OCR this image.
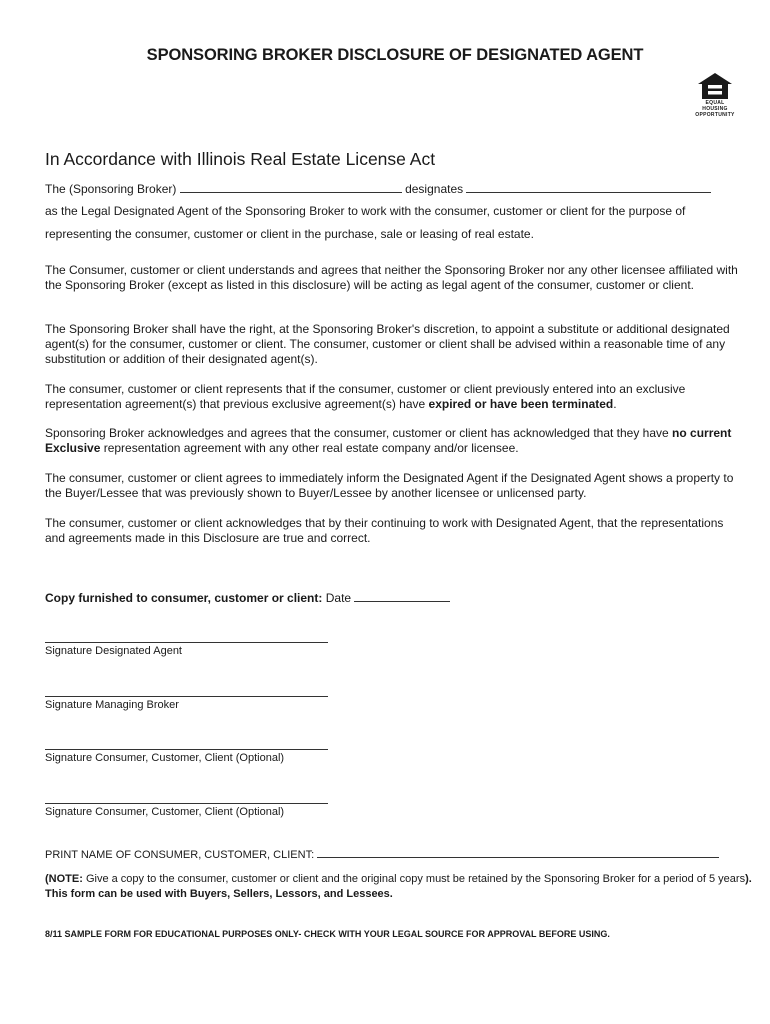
SPONSORING BROKER DISCLOSURE OF DESIGNATED AGENT
EQUAL HOUSING
OPPORTUNITY
In Accordance with Illinois Real Estate License Act
The (Sponsoring Broker)	designates
as the Legal Designated Agent of the Sponsoring Broker to work with the consumer, customer or client for the purpose of
representing the consumer, customer or client in the purchase, sale or leasing of real estate.
The Consumer, customer or client understands and agrees that neither the Sponsoring Broker nor any other licensee affiliated with the Sponsoring Broker (except as listed in this disclosure) will be acting as legal agent of the consumer, customer or client.
The Sponsoring Broker shall have the right, at the Sponsoring Broker's discretion, to appoint a substitute or additional designated agent(s) for the consumer, customer or client. The consumer, customer or client shall be advised within a reasonable time of any substitution or addition of their designated agent(s).
The consumer, customer or client represents that if the consumer, customer or client previously entered into an exclusive representation agreement(s) that previous exclusive agreement(s) have expired or have been terminated.
Sponsoring Broker acknowledges and agrees that the consumer, customer or client has acknowledged that they have no current Exclusive representation agreement with any other real estate company and/or licensee.
The consumer, customer or client agrees to immediately inform the Designated Agent if the Designated Agent shows a property to the Buyer/Lessee that was previously shown to Buyer/Lessee by another licensee or unlicensed party.
The consumer, customer or client acknowledges that by their continuing to work with Designated Agent, that the representations and agreements made in this Disclosure are true and correct.
Copy furnished to consumer, customer or client: Date
Signature Designated Agent
Signature Managing Broker
Signature Consumer, Customer, Client (Optional)
Signature Consumer, Customer, Client (Optional)
PRINT NAME OF CONSUMER, CUSTOMER, CLIENT:
(NOTE: Give a copy to the consumer, customer or client and the original copy must be retained by the Sponsoring Broker for a period of 5 years). This form can be used with Buyers, Sellers, Lessors, and Lessees.
8/11 SAMPLE FORM FOR EDUCATIONAL PURPOSES ONLY- CHECK WITH YOUR LEGAL SOURCE FOR APPROVAL BEFORE USING.
